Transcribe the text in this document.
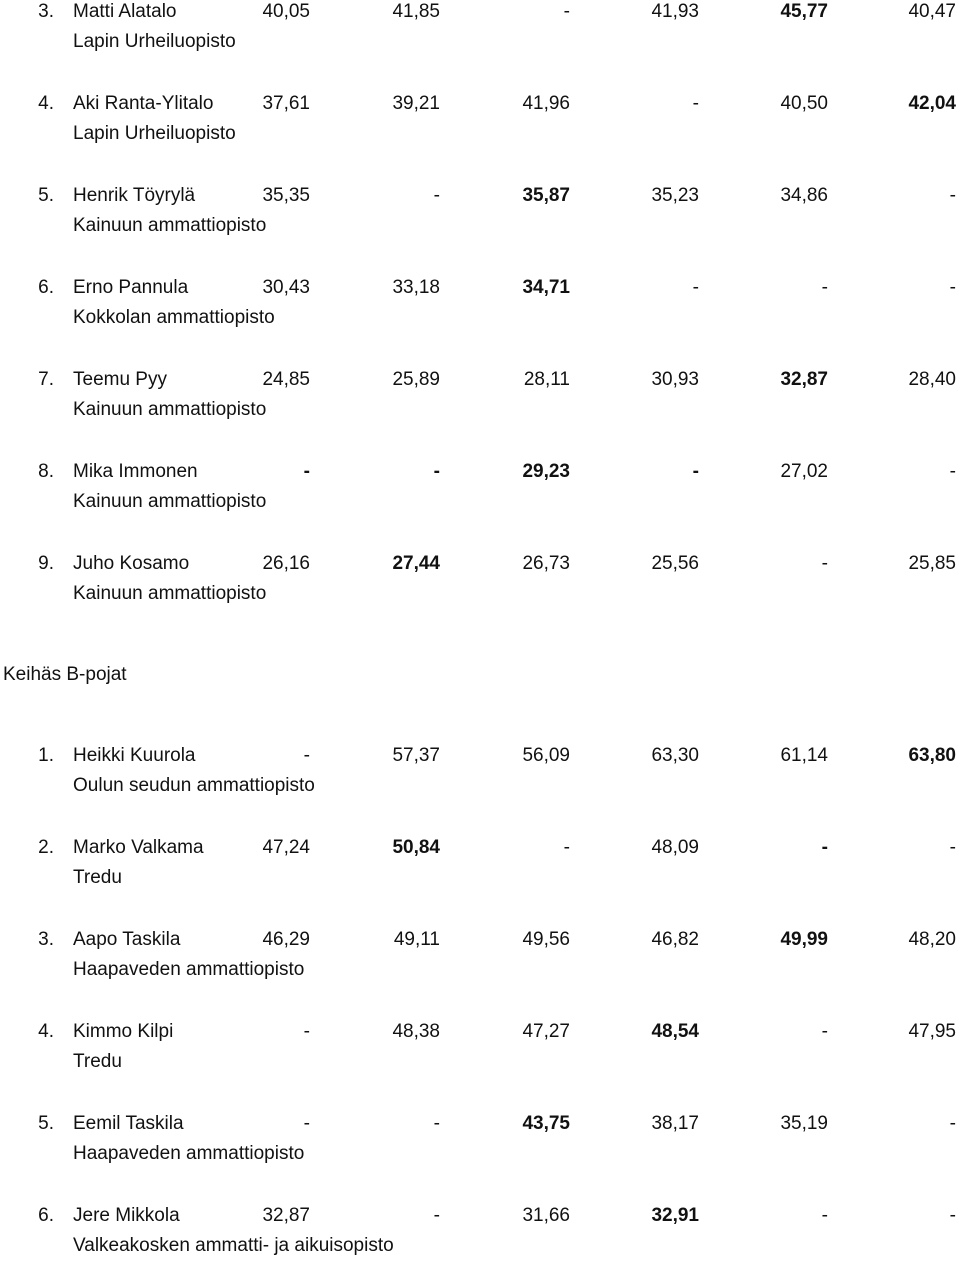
3. Matti Alatalo	40,05	41,85	-	41,93	45,77	40,47
Lapin Urheiluopisto
4. Aki Ranta-Ylitalo	37,61	39,21	41,96	-	40,50	42,04
Lapin Urheiluopisto
5. Henrik Töyrylä	35,35	-	35,87	35,23	34,86	-
Kainuun ammattiopisto
6. Erno Pannula	30,43	33,18	34,71	-	-	-
Kokkolan ammattiopisto
7. Teemu Pyy	24,85	25,89	28,11	30,93	32,87	28,40
Kainuun ammattiopisto
8. Mika Immonen	-	-	29,23	-	27,02	-
Kainuun ammattiopisto
9. Juho Kosamo	26,16	27,44	26,73	25,56	-	25,85
Kainuun ammattiopisto
Keihäs B-pojat
1. Heikki Kuurola	-	57,37	56,09	63,30	61,14	63,80
Oulun seudun ammattiopisto
2. Marko Valkama	47,24	50,84	-	48,09	-	-
Tredu
3. Aapo Taskila	46,29	49,11	49,56	46,82	49,99	48,20
Haapaveden ammattiopisto
4. Kimmo Kilpi	-	48,38	47,27	48,54	-	47,95
Tredu
5. Eemil Taskila	-	-	43,75	38,17	35,19	-
Haapaveden ammattiopisto
6. Jere Mikkola	32,87	-	31,66	32,91	-	-
Valkeakosken ammatti- ja aikuisopisto
